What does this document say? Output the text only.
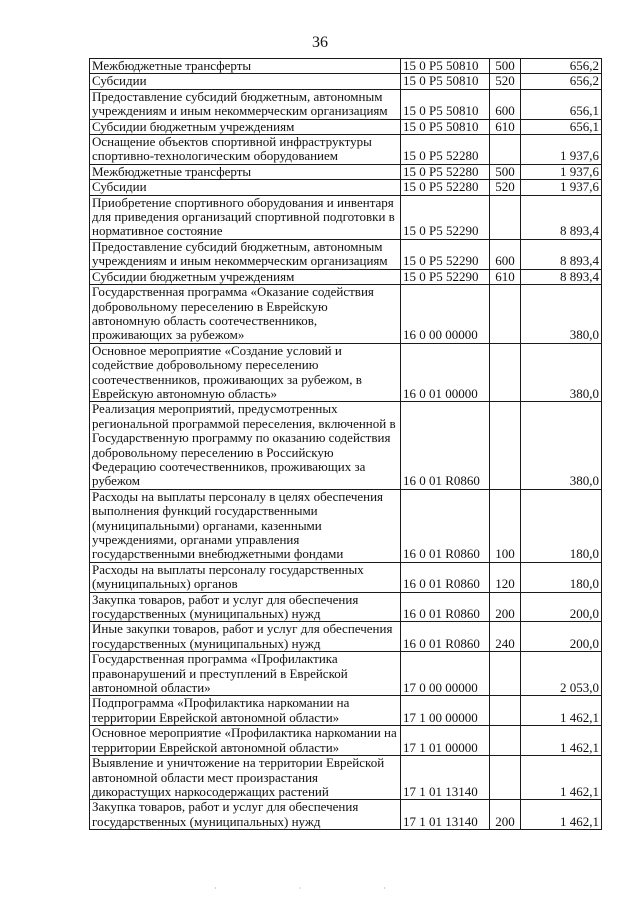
36
Межбюджетные трансферты	15 0 Р5 50810	500	656,2
Субсидии	15 0 Р5 50810	520	656,2
Предоставление субсидий бюджетным, автономным учреждениям и иным некоммерческим организациям	15 0 Р5 50810	600	656,1
Субсидии бюджетным учреждениям	15 0 Р5 50810	610	656,1
Оснащение объектов спортивной инфраструктуры спортивно-технологическим оборудованием	15 0 Р5 52280		1 937,6
Межбюджетные трансферты	15 0 Р5 52280	500	1 937,6
Субсидии	15 0 Р5 52280	520	1 937,6
Приобретение спортивного оборудования и инвентаря для приведения организаций спортивной подготовки в нормативное состояние	15 0 Р5 52290		8 893,4
Предоставление субсидий бюджетным, автономным учреждениям и иным некоммерческим организациям	15 0 Р5 52290	600	8 893,4
Субсидии бюджетным учреждениям	15 0 Р5 52290	610	8 893,4
Государственная программа «Оказание содействия добровольному переселению в Еврейскую автономную область соотечественников, проживающих за рубежом»	16 0 00 00000		380,0
Основное мероприятие «Создание условий и содействие добровольному переселению соотечественников, проживающих за рубежом, в Еврейскую автономную область»	16 0 01 00000		380,0
Реализация мероприятий, предусмотренных региональной программой переселения, включенной в Государственную программу по оказанию содействия добровольному переселению в Российскую Федерацию соотечественников, проживающих за рубежом	16 0 01 R0860		380,0
Расходы на выплаты персоналу в целях обеспечения выполнения функций государственными (муниципальными) органами, казенными учреждениями, органами управления государственными внебюджетными фондами	16 0 01 R0860	100	180,0
Расходы на выплаты персоналу государственных (муниципальных) органов	16 0 01 R0860	120	180,0
Закупка товаров, работ и услуг для обеспечения государственных (муниципальных) нужд	16 0 01 R0860	200	200,0
Иные закупки товаров, работ и услуг для обеспечения государственных (муниципальных) нужд	16 0 01 R0860	240	200,0
Государственная программа «Профилактика правонарушений и преступлений в Еврейской автономной области»	17 0 00 00000		2 053,0
Подпрограмма «Профилактика наркомании на территории Еврейской автономной области»	17 1 00 00000		1 462,1
Основное мероприятие «Профилактика наркомании на территории Еврейской автономной области»	17 1 01 00000		1 462,1
Выявление и уничтожение на территории Еврейской автономной области мест произрастания дикорастущих наркосодержащих растений	17 1 01 13140		1 462,1
Закупка товаров, работ и услуг для обеспечения государственных (муниципальных) нужд	17 1 01 13140	200	1 462,1
· · ·
